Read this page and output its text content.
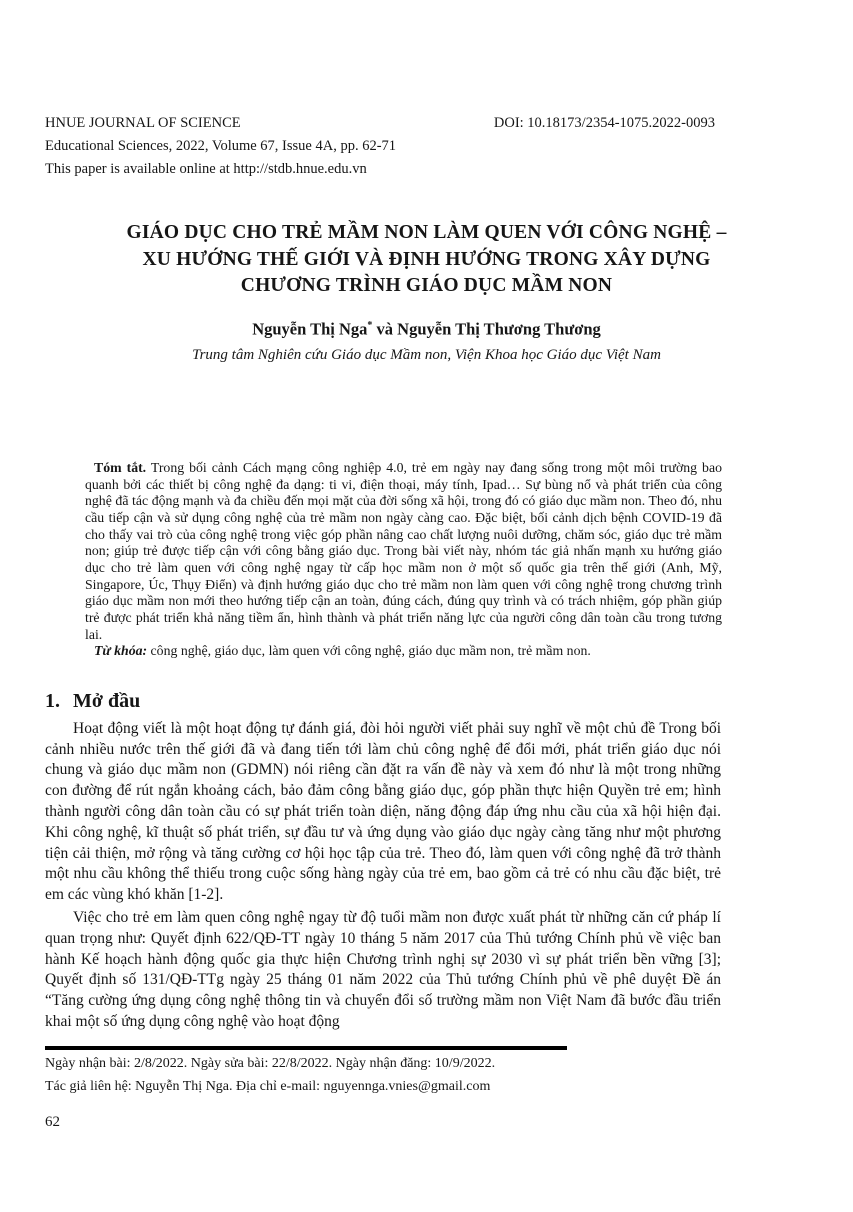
HNUE JOURNAL OF SCIENCE	DOI: 10.18173/2354-1075.2022-0093
Educational Sciences, 2022, Volume 67, Issue 4A, pp. 62-71
This paper is available online at http://stdb.hnue.edu.vn

Tóm tắt. Trong bối cảnh Cách mạng công nghiệp 4.0, trẻ em ngày nay đang sống trong một môi trường bao quanh bởi các thiết bị công nghệ đa dạng: ti vi, điện thoại, máy tính, Ipad… Sự bùng nổ và phát triển của công nghệ đã tác động mạnh và đa chiều đến mọi mặt của đời sống xã hội, trong đó có giáo dục mầm non. Theo đó, nhu cầu tiếp cận và sử dụng công nghệ của trẻ mầm non ngày càng cao. Đặc biệt, bối cảnh dịch bệnh COVID-19 đã cho thấy vai trò của công nghệ trong việc góp phần nâng cao chất lượng nuôi dưỡng, chăm sóc, giáo dục trẻ mầm non; giúp trẻ được tiếp cận với công bằng giáo dục. Trong bài viết này, nhóm tác giả nhấn mạnh xu hướng giáo dục cho trẻ làm quen với công nghệ ngay từ cấp học mầm non ở một số quốc gia trên thế giới (Anh, Mỹ, Singapore, Úc, Thụy Điển) và định hướng giáo dục cho trẻ mầm non làm quen với công nghệ trong chương trình giáo dục mầm non mới theo hướng tiếp cận an toàn, đúng cách, đúng quy trình và có trách nhiệm, góp phần giúp trẻ được phát triển khả năng tiềm ẩn, hình thành và phát triển năng lực của người công dân toàn cầu trong tương lai.

Từ khóa: công nghệ, giáo dục, làm quen với công nghệ, giáo dục mầm non, trẻ mầm non.

1. Mở đầu

Hoạt động viết là một hoạt động tự đánh giá, đòi hỏi người viết phải suy nghĩ về một chủ đề Trong bối cảnh nhiều nước trên thế giới đã và đang tiến tới làm chủ công nghệ để đổi mới, phát triển giáo dục nói chung và giáo dục mầm non (GDMN) nói riêng cần đặt ra vấn đề này và xem đó như là một trong những con đường để rút ngắn khoảng cách, bảo đảm công bằng giáo dục, góp phần thực hiện Quyền trẻ em; hình thành người công dân toàn cầu có sự phát triển toàn diện, năng động đáp ứng nhu cầu của xã hội hiện đại. Khi công nghệ, kĩ thuật số phát triển, sự đầu tư và ứng dụng vào giáo dục ngày càng tăng như một phương tiện cải thiện, mở rộng và tăng cường cơ hội học tập của trẻ. Theo đó, làm quen với công nghệ đã trở thành một nhu cầu không thể thiếu trong cuộc sống hàng ngày của trẻ em, bao gồm cả trẻ có nhu cầu đặc biệt, trẻ em các vùng khó khăn [1-2].

Việc cho trẻ em làm quen công nghệ ngay từ độ tuổi mầm non được xuất phát từ những căn cứ pháp lí quan trọng như: Quyết định 622/QĐ-TT ngày 10 tháng 5 năm 2017 của Thủ tướng Chính phủ về việc ban hành Kế hoạch hành động quốc gia thực hiện Chương trình nghị sự 2030 vì sự phát triển bền vững [3]; Quyết định số 131/QĐ-TTg ngày 25 tháng 01 năm 2022 của Thủ tướng Chính phủ về phê duyệt Đề án “Tăng cường ứng dụng công nghệ thông tin và chuyển đổi số trường mầm non Việt Nam đã bước đầu triển khai một số ứng dụng công nghệ vào hoạt động

GIÁO DỤC CHO TRẺ MẦM NON LÀM QUEN VỚI CÔNG NGHỆ –
XU HƯỚNG THẾ GIỚI VÀ ĐỊNH HƯỚNG TRONG XÂY DỰNG
CHƯƠNG TRÌNH GIÁO DỤC MẦM NON
Nguyễn Thị Nga* và Nguyễn Thị Thương Thương
Trung tâm Nghiên cứu Giáo dục Mầm non, Viện Khoa học Giáo dục Việt Nam
Ngày nhận bài: 2/8/2022. Ngày sửa bài: 22/8/2022. Ngày nhận đăng: 10/9/2022.
Tác giả liên hệ: Nguyễn Thị Nga. Địa chỉ e-mail: nguyennga.vnies@gmail.com
62
